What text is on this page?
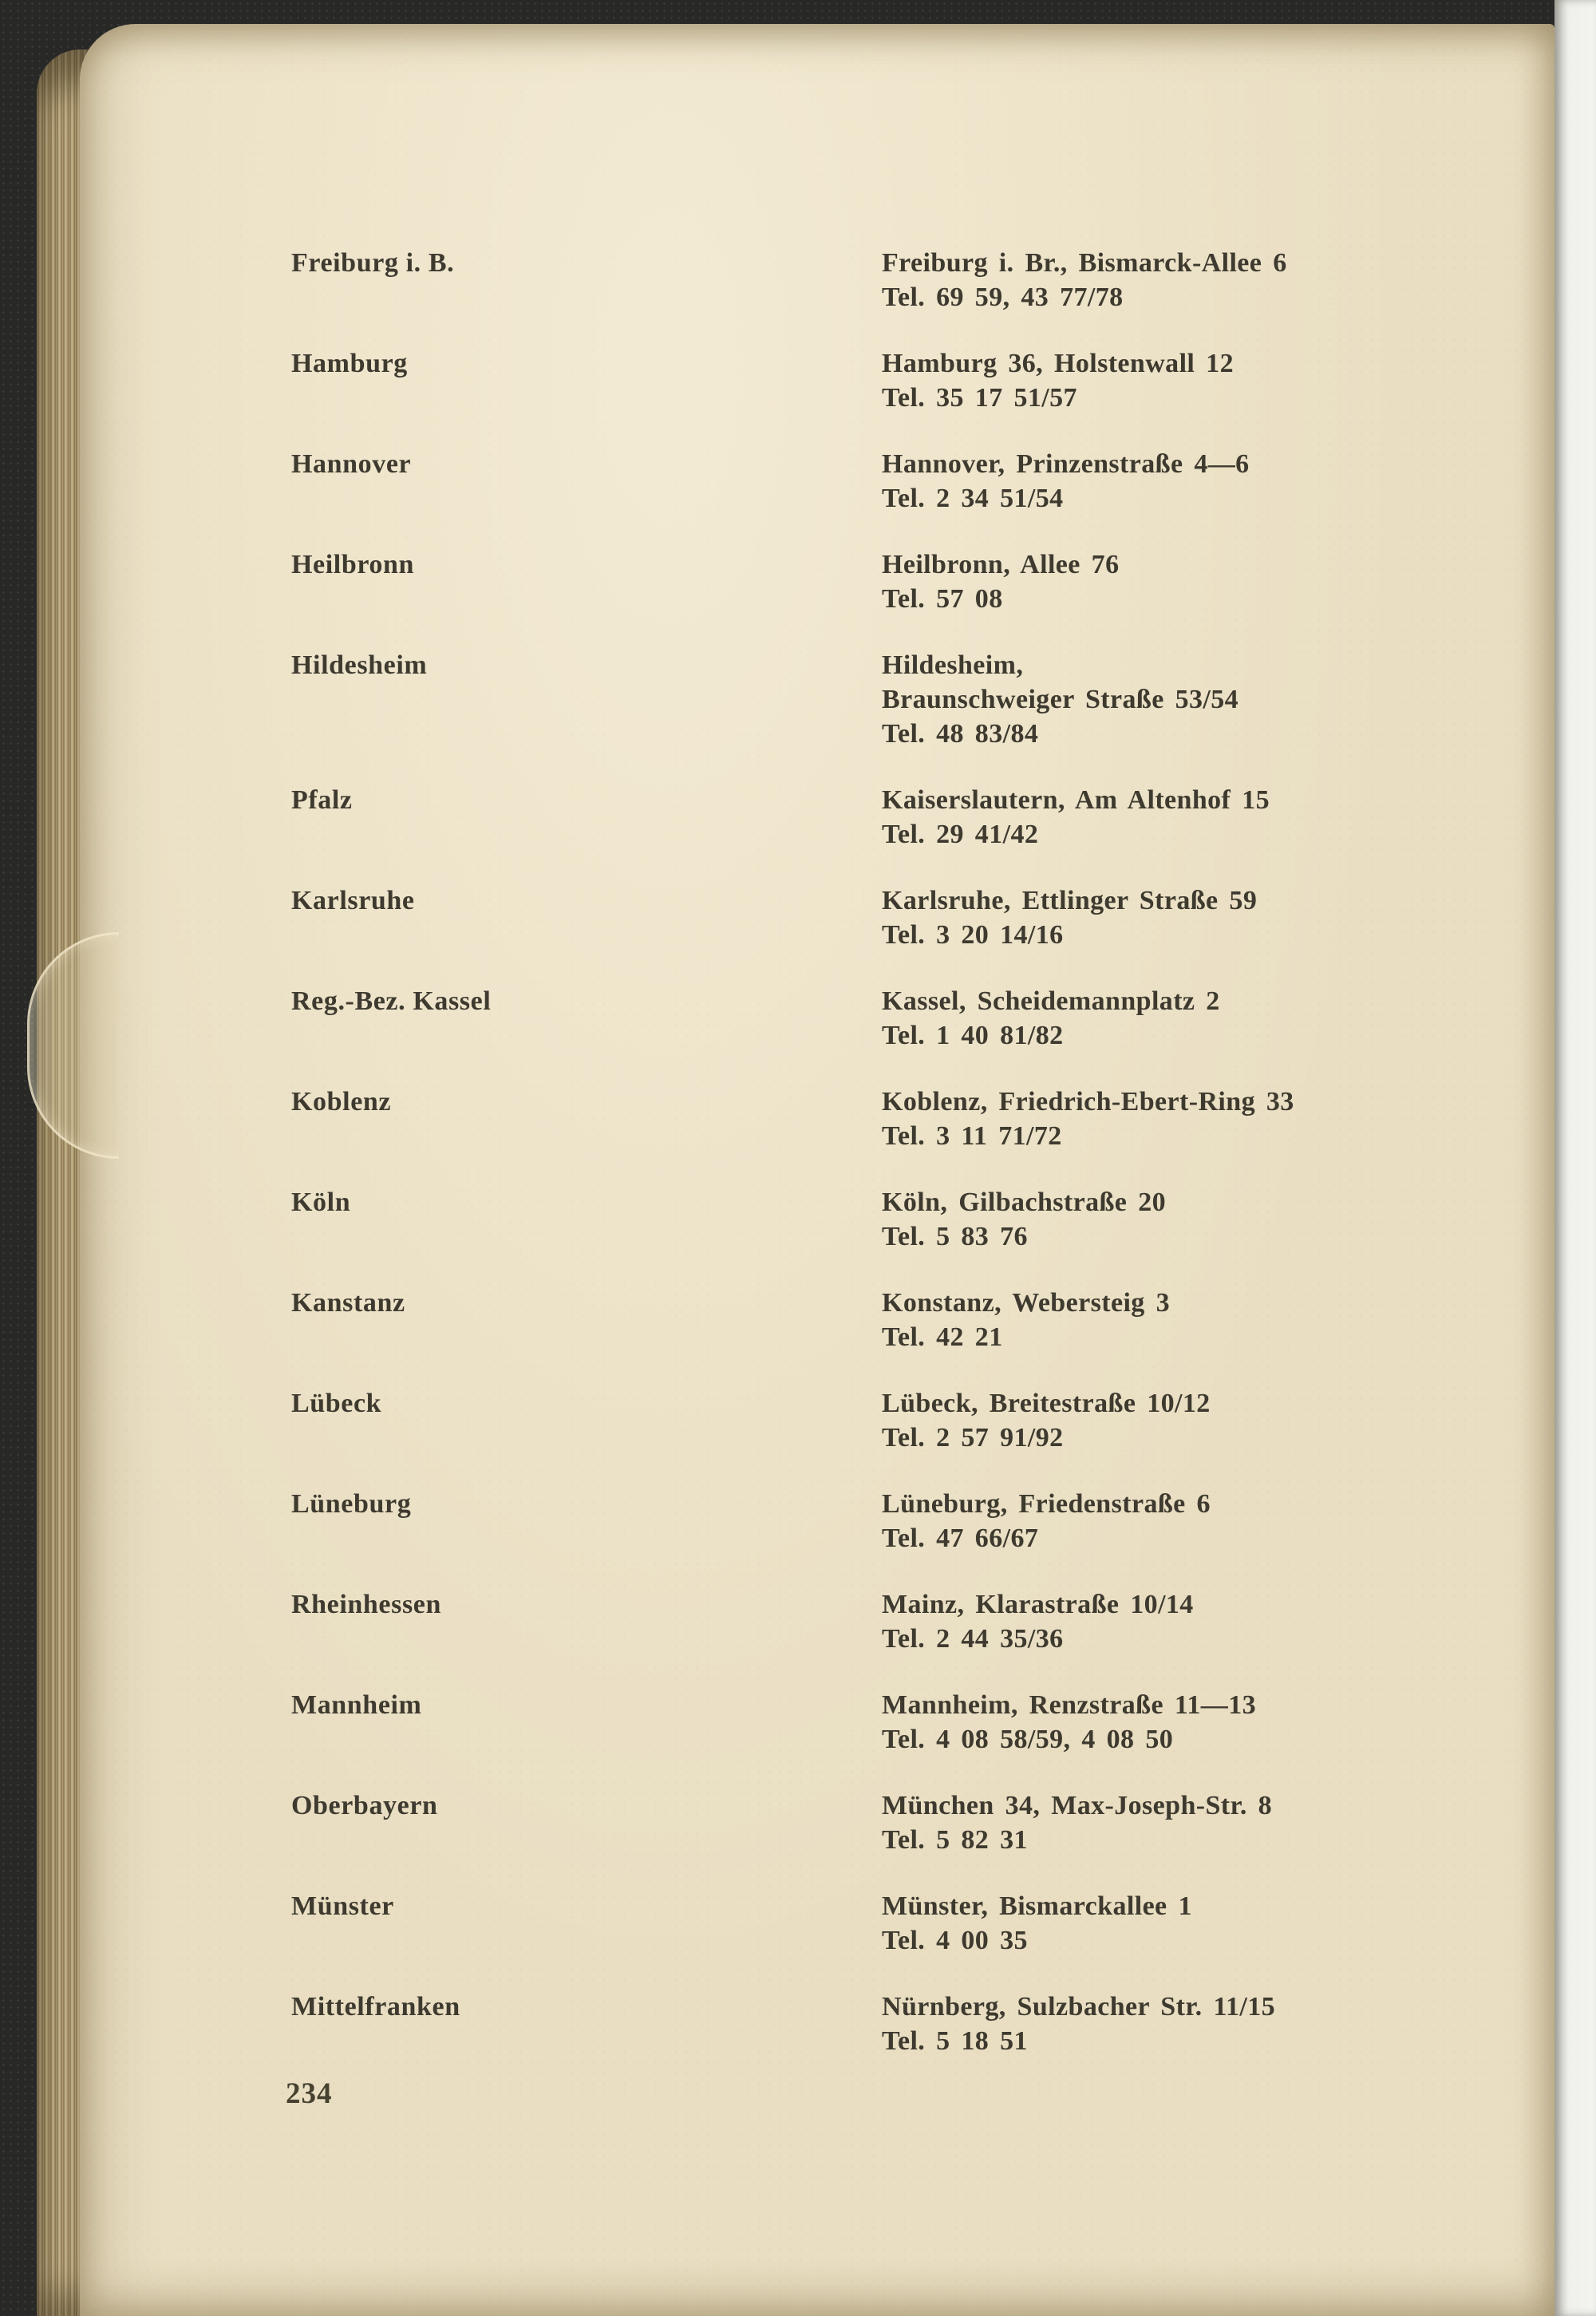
Freiburg i. B.	Freiburg i. Br., Bismarck-Allee 6
Tel. 69 59, 43 77/78
Hamburg	Hamburg 36, Holstenwall 12
Tel. 35 17 51/57
Hannover	Hannover, Prinzenstraße 4—6
Tel. 2 34 51/54
Heilbronn	Heilbronn, Allee 76
Tel. 57 08
Hildesheim	Hildesheim,
Braunschweiger Straße 53/54
Tel. 48 83/84
Pfalz	Kaiserslautern, Am Altenhof 15
Tel. 29 41/42
Karlsruhe	Karlsruhe, Ettlinger Straße 59
Tel. 3 20 14/16
Reg.-Bez. Kassel	Kassel, Scheidemannplatz 2
Tel. 1 40 81/82
Koblenz	Koblenz, Friedrich-Ebert-Ring 33
Tel. 3 11 71/72
Köln	Köln, Gilbachstraße 20
Tel. 5 83 76
Kanstanz	Konstanz, Webersteig 3
Tel. 42 21
Lübeck	Lübeck, Breitestraße 10/12
Tel. 2 57 91/92
Lüneburg	Lüneburg, Friedenstraße 6
Tel. 47 66/67
Rheinhessen	Mainz, Klarastraße 10/14
Tel. 2 44 35/36
Mannheim	Mannheim, Renzstraße 11—13
Tel. 4 08 58/59, 4 08 50
Oberbayern	München 34, Max-Joseph-Str. 8
Tel. 5 82 31
Münster	Münster, Bismarckallee 1
Tel. 4 00 35
Mittelfranken	Nürnberg, Sulzbacher Str. 11/15
Tel. 5 18 51
234
